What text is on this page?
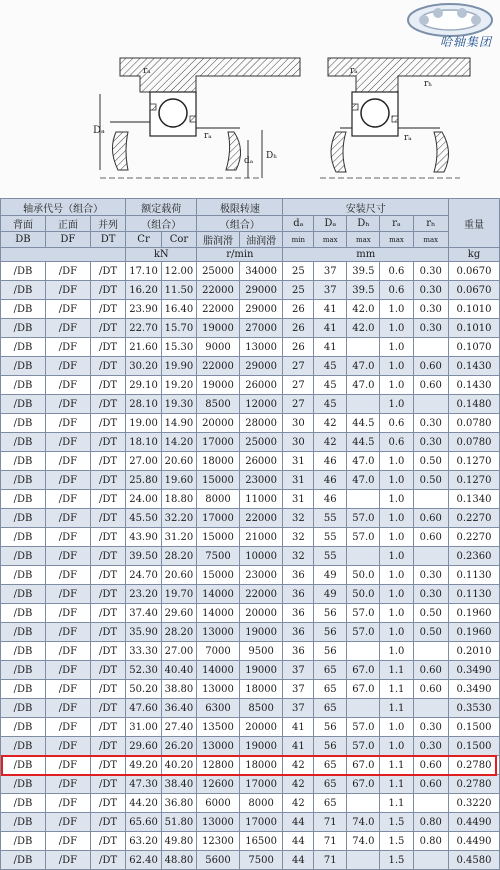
rₐ
Dₐ	rₐ
dₐ Dₕ
rₐ
rₐ
rₕ
哈轴集团
轴承代号（组合）			额定载荷		极限转速		安装尺寸					重量
背面	正面	并列	（组合）		（组合）		dₐ	Dₐ	Dₕ	rₐ	rₕ	
DB	DF	DT	Cr	Cor	脂润滑	油润滑	min	max	max	max	max	
			kN		r/min		mm					kg
/DB	/DF	/DT	17.10	12.00	25000	34000	25	37	39.5	0.6	0.30	0.0670
/DB	/DF	/DT	16.20	11.50	22000	29000	25	37	39.5	0.6	0.30	0.0670
/DB	/DF	/DT	23.90	16.40	22000	29000	26	41	42.0	1.0	0.30	0.1010
/DB	/DF	/DT	22.70	15.70	19000	27000	26	41	42.0	1.0	0.30	0.1010
/DB	/DF	/DT	21.60	15.30	9000	13000	26	41		1.0		0.1070
/DB	/DF	/DT	30.20	19.90	22000	29000	27	45	47.0	1.0	0.60	0.1430
/DB	/DF	/DT	29.10	19.20	19000	26000	27	45	47.0	1.0	0.60	0.1430
/DB	/DF	/DT	28.10	19.30	8500	12000	27	45		1.0		0.1480
/DB	/DF	/DT	19.00	14.90	20000	28000	30	42	44.5	0.6	0.30	0.0780
/DB	/DF	/DT	18.10	14.20	17000	25000	30	42	44.5	0.6	0.30	0.0780
/DB	/DF	/DT	27.00	20.60	18000	26000	31	46	47.0	1.0	0.50	0.1270
/DB	/DF	/DT	25.80	19.60	15000	23000	31	46	47.0	1.0	0.50	0.1270
/DB	/DF	/DT	24.00	18.80	8000	11000	31	46		1.0		0.1340
/DB	/DF	/DT	45.50	32.20	17000	22000	32	55	57.0	1.0	0.60	0.2270
/DB	/DF	/DT	43.90	31.20	15000	21000	32	55	57.0	1.0	0.60	0.2270
/DB	/DF	/DT	39.50	28.20	7500	10000	32	55		1.0		0.2360
/DB	/DF	/DT	24.70	20.60	15000	23000	36	49	50.0	1.0	0.30	0.1130
/DB	/DF	/DT	23.20	19.70	14000	22000	36	49	50.0	1.0	0.30	0.1130
/DB	/DF	/DT	37.40	29.60	14000	20000	36	56	57.0	1.0	0.50	0.1960
/DB	/DF	/DT	35.90	28.20	13000	19000	36	56	57.0	1.0	0.50	0.1960
/DB	/DF	/DT	33.30	27.00	7000	9500	36	56		1.0		0.2010
/DB	/DF	/DT	52.30	40.40	14000	19000	37	65	67.0	1.1	0.60	0.3490
/DB	/DF	/DT	50.20	38.80	13000	18000	37	65	67.0	1.1	0.60	0.3490
/DB	/DF	/DT	47.60	36.40	6300	8500	37	65		1.1		0.3530
/DB	/DF	/DT	31.00	27.40	13500	20000	41	56	57.0	1.0	0.30	0.1500
/DB	/DF	/DT	29.60	26.20	13000	19000	41	56	57.0	1.0	0.30	0.1500
/DB	/DF	/DT	49.20	40.20	12800	18000	42	65	67.0	1.1	0.60	0.2780
/DB	/DF	/DT	47.30	38.40	12600	17000	42	65	67.0	1.1	0.60	0.2780
/DB	/DF	/DT	44.20	36.80	6000	8000	42	65		1.1		0.3220
/DB	/DF	/DT	65.60	51.80	13000	17000	44	71	74.0	1.5	0.80	0.4490
/DB	/DF	/DT	63.20	49.80	12300	16500	44	71	74.0	1.5	0.80	0.4490
/DB	/DF	/DT	62.40	48.80	5600	7500	44	71		1.5		0.4580
